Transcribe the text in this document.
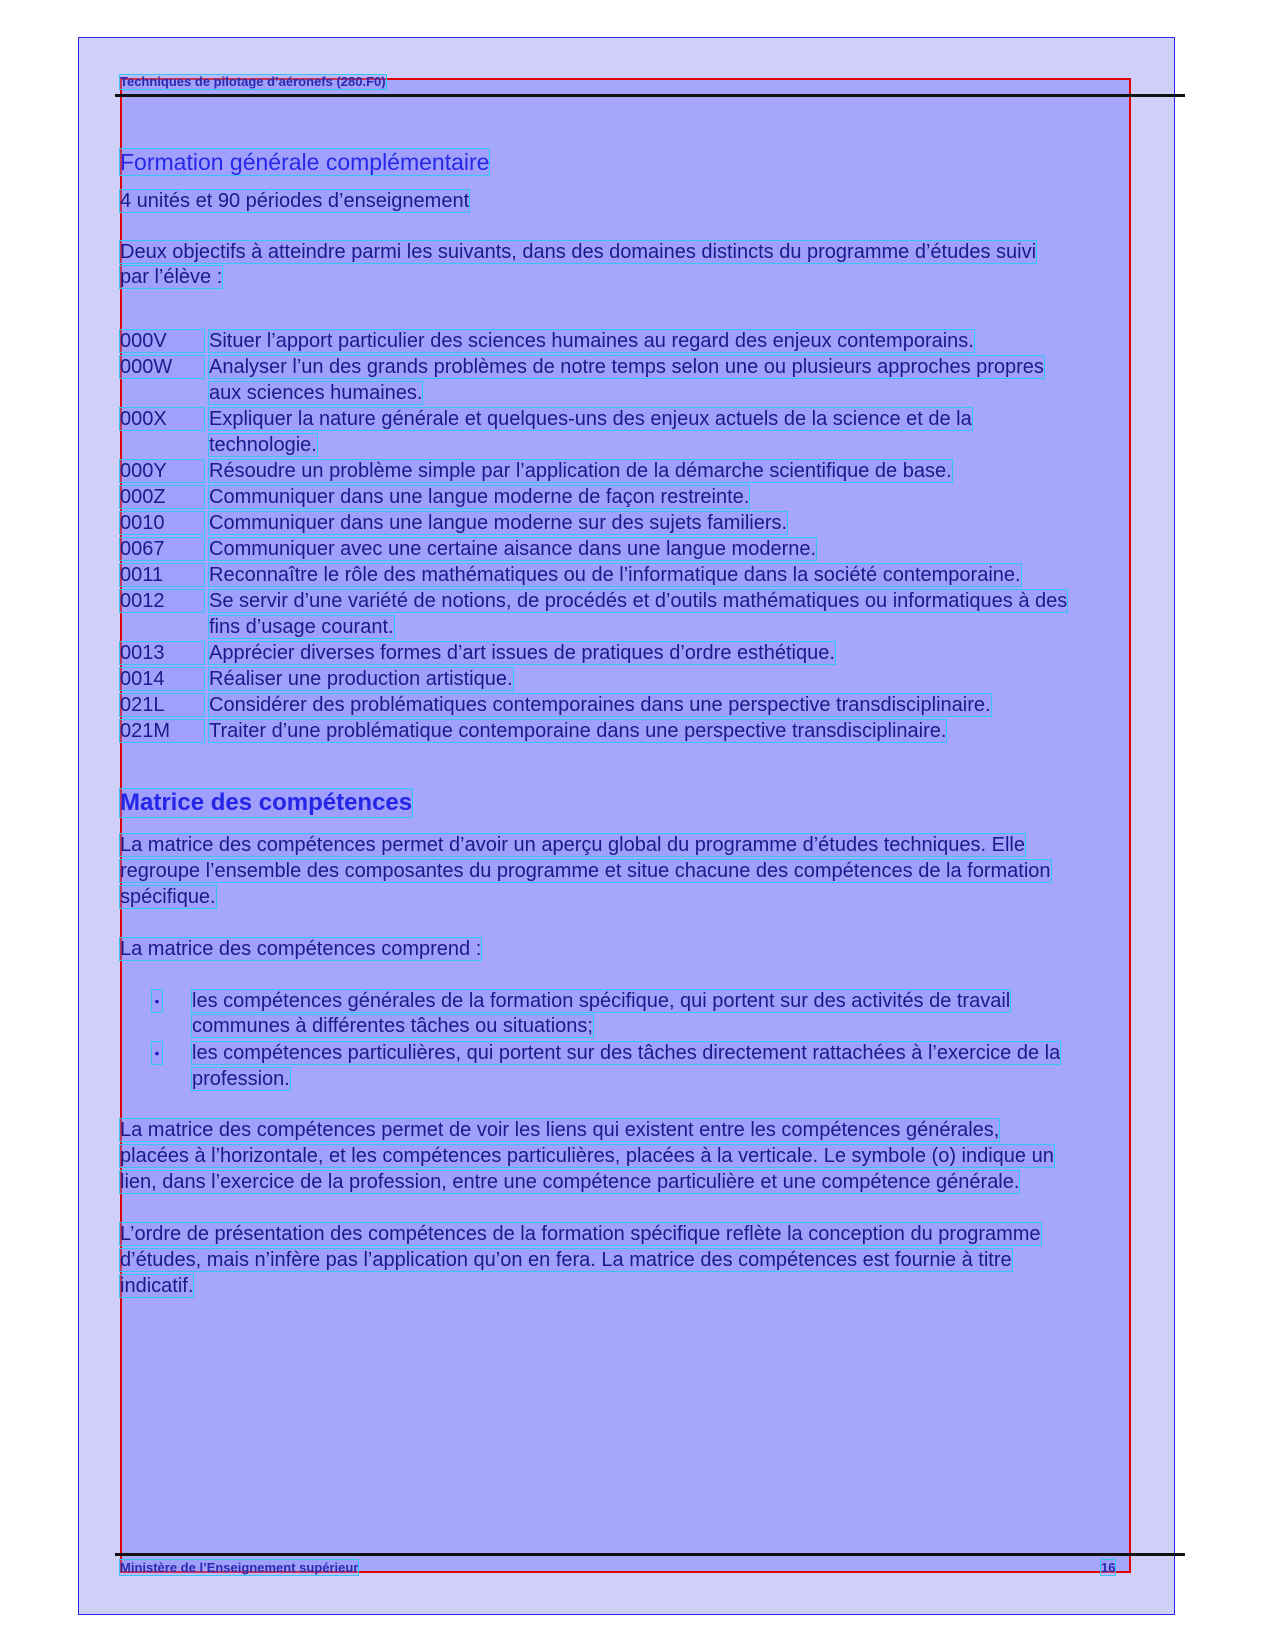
Techniques de pilotage d’aéronefs (280.F0)
Formation générale complémentaire
4 unités et 90 périodes d’enseignement
Deux objectifs à atteindre parmi les suivants, dans des domaines distincts du programme d’études suivi
par l’élève :
000V	Situer l’apport particulier des sciences humaines au regard des enjeux contemporains.
000W	Analyser l’un des grands problèmes de notre temps selon une ou plusieurs approches propres
aux sciences humaines.
000X	Expliquer la nature générale et quelques-uns des enjeux actuels de la science et de la
technologie.
000Y	Résoudre un problème simple par l’application de la démarche scientifique de base.
000Z	Communiquer dans une langue moderne de façon restreinte.
0010	Communiquer dans une langue moderne sur des sujets familiers.
0067	Communiquer avec une certaine aisance dans une langue moderne.
0011	Reconnaître le rôle des mathématiques ou de l’informatique dans la société contemporaine.
0012	Se servir d’une variété de notions, de procédés et d’outils mathématiques ou informatiques à des
fins d’usage courant.
0013	Apprécier diverses formes d’art issues de pratiques d’ordre esthétique.
0014	Réaliser une production artistique.
021L	Considérer des problématiques contemporaines dans une perspective transdisciplinaire.
021M	Traiter d’une problématique contemporaine dans une perspective transdisciplinaire.
Matrice des compétences
La matrice des compétences permet d’avoir un aperçu global du programme d’études techniques. Elle
regroupe l’ensemble des composantes du programme et situe chacune des compétences de la formation
spécifique.
La matrice des compétences comprend :
• les compétences générales de la formation spécifique, qui portent sur des activités de travail
communes à différentes tâches ou situations;
• les compétences particulières, qui portent sur des tâches directement rattachées à l’exercice de la
profession.
La matrice des compétences permet de voir les liens qui existent entre les compétences générales,
placées à l’horizontale, et les compétences particulières, placées à la verticale. Le symbole (o) indique un
lien, dans l’exercice de la profession, entre une compétence particulière et une compétence générale.
L’ordre de présentation des compétences de la formation spécifique reflète la conception du programme
d’études, mais n’infère pas l’application qu’on en fera. La matrice des compétences est fournie à titre
indicatif.
Ministère de l’Enseignement supérieur	16
